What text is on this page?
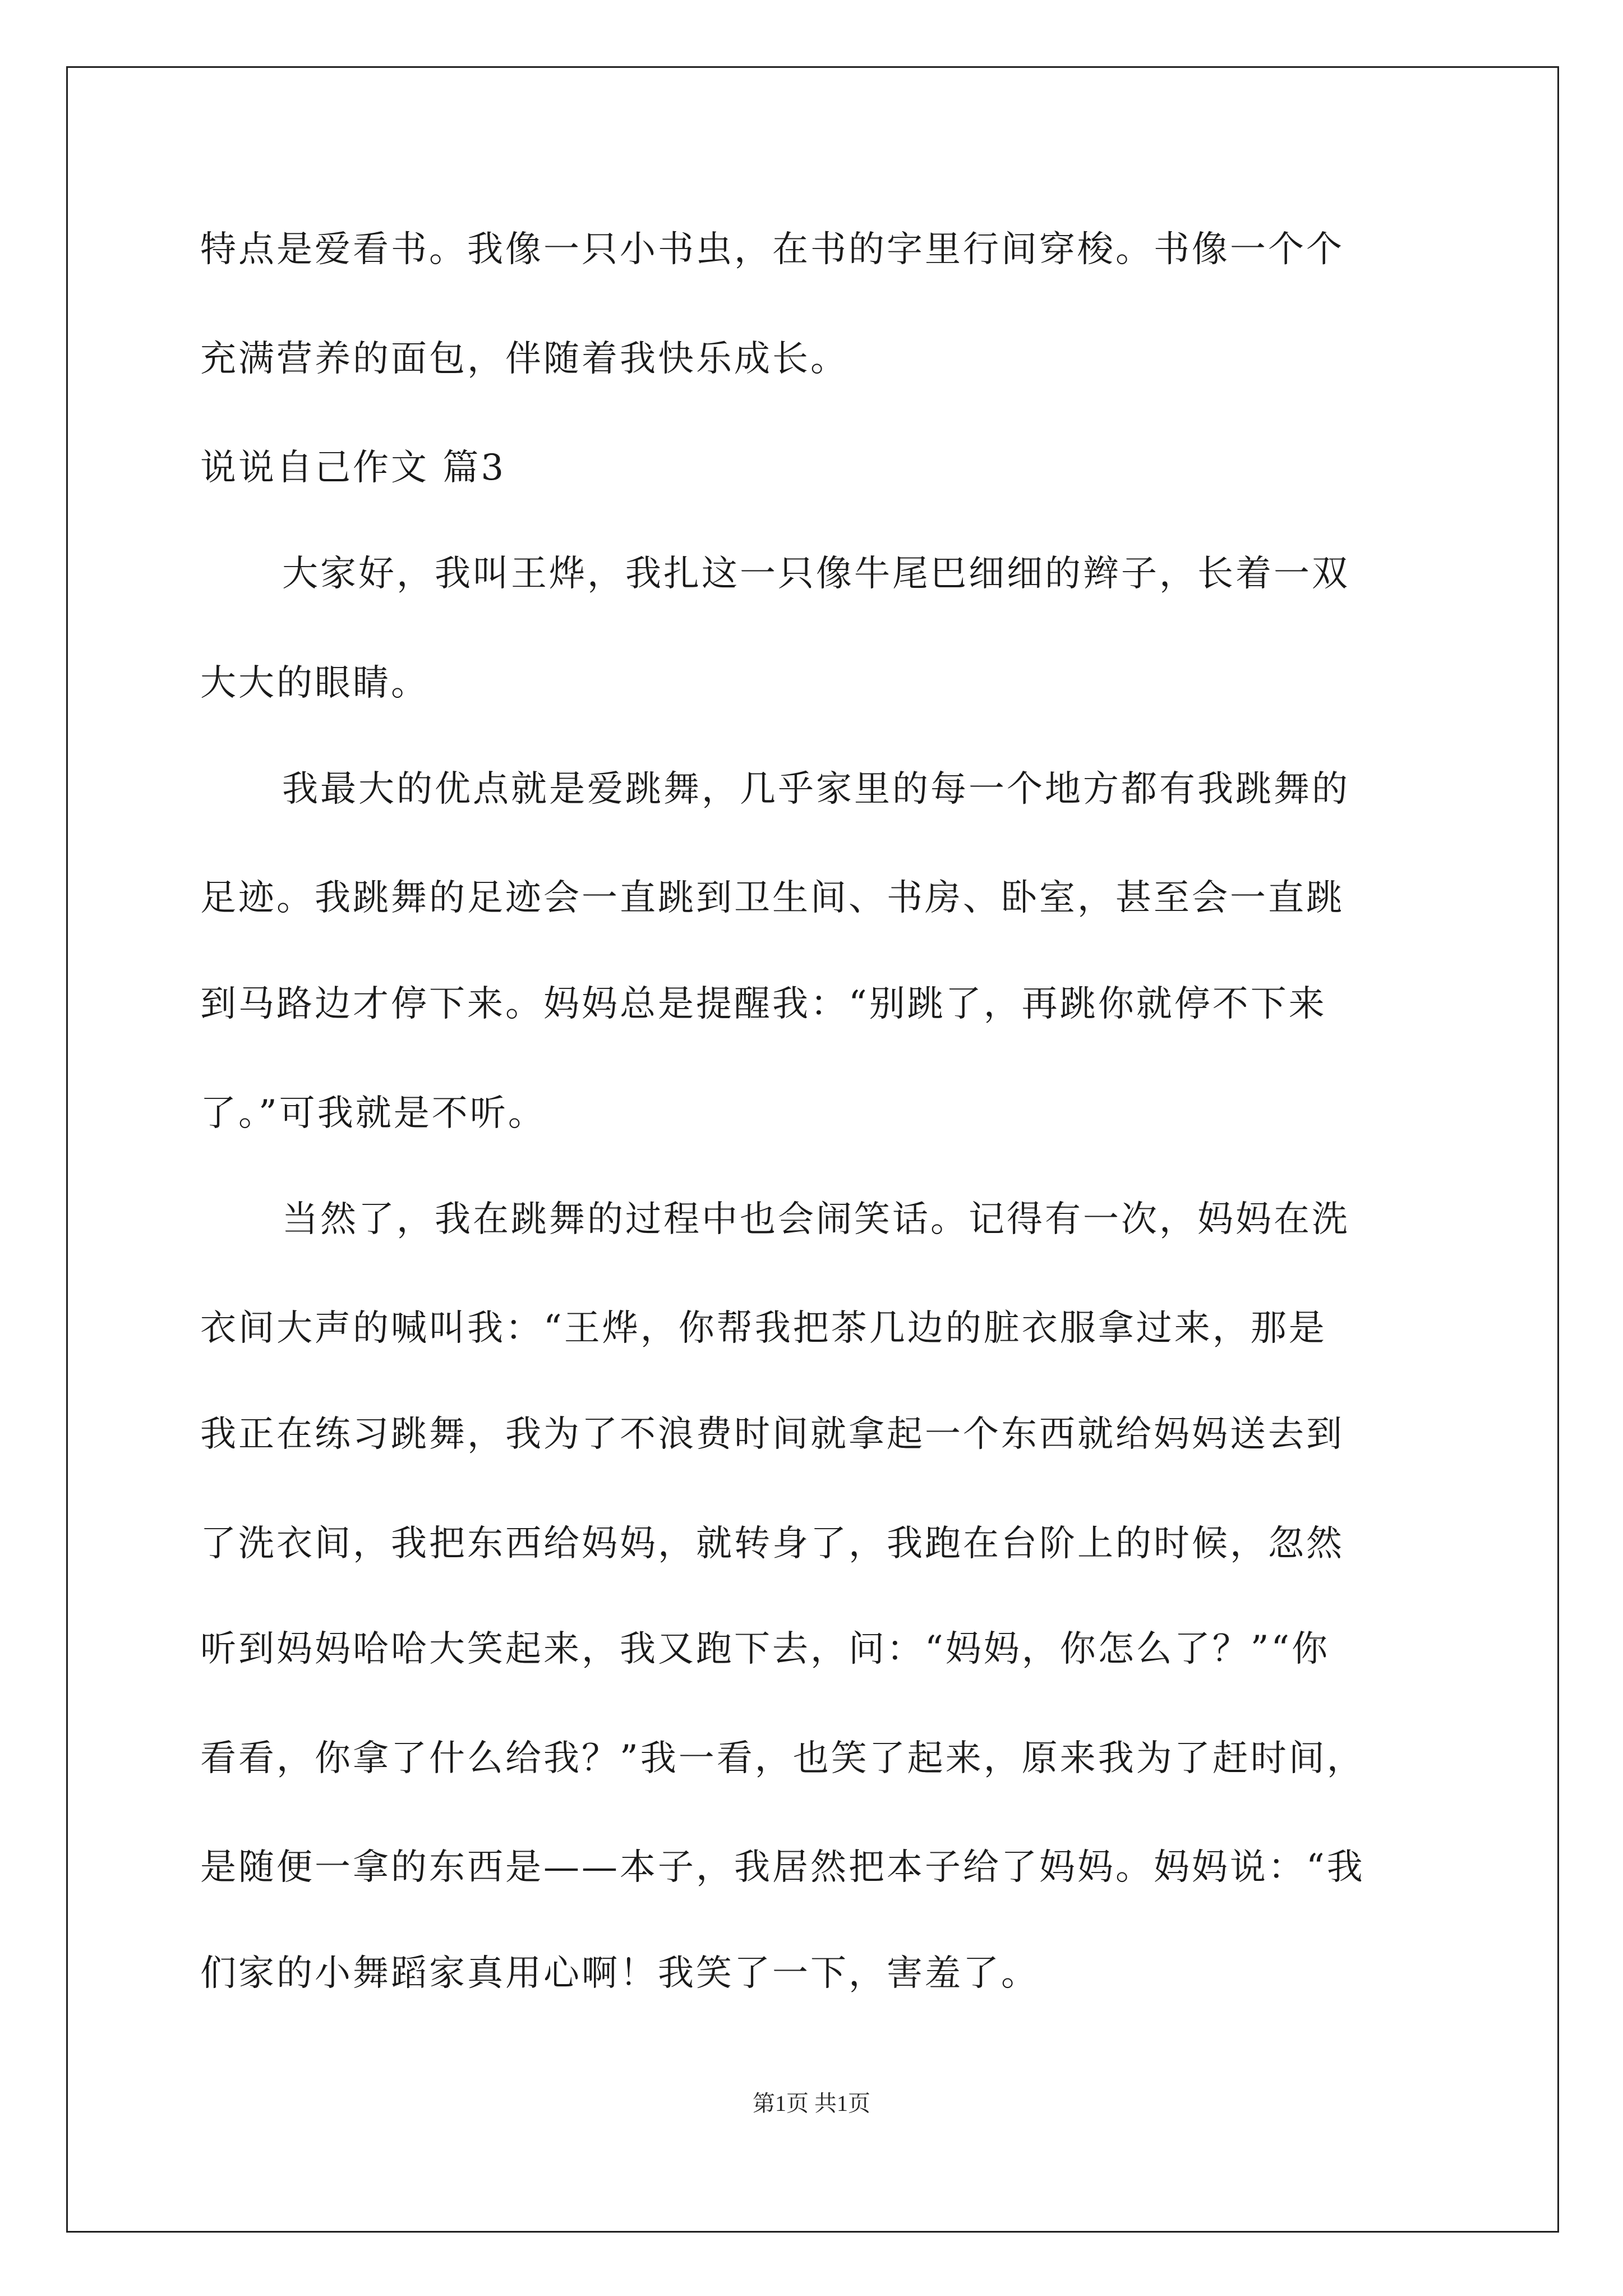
特点是爱看书。我像一只小书虫，在书的字里行间穿梭。书像一个个
充满营养的面包，伴随着我快乐成长。
说说自己作文 篇3
大家好，我叫王烨，我扎这一只像牛尾巴细细的辫子，长着一双
大大的眼睛。
我最大的优点就是爱跳舞，几乎家里的每一个地方都有我跳舞的
足迹。我跳舞的足迹会一直跳到卫生间、书房、卧室，甚至会一直跳
到马路边才停下来。妈妈总是提醒我：“别跳了，再跳你就停不下来
了。”可我就是不听。
当然了，我在跳舞的过程中也会闹笑话。记得有一次，妈妈在洗
衣间大声的喊叫我：“王烨，你帮我把茶几边的脏衣服拿过来，那是
我正在练习跳舞，我为了不浪费时间就拿起一个东西就给妈妈送去到
了洗衣间，我把东西给妈妈，就转身了，我跑在台阶上的时候，忽然
听到妈妈哈哈大笑起来，我又跑下去，问：“妈妈，你怎么了？”“你
看看，你拿了什么给我？”我一看，也笑了起来，原来我为了赶时间，
是随便一拿的东西是——本子，我居然把本子给了妈妈。妈妈说：“我
们家的小舞蹈家真用心啊！我笑了一下，害羞了。
第1页 共1页
